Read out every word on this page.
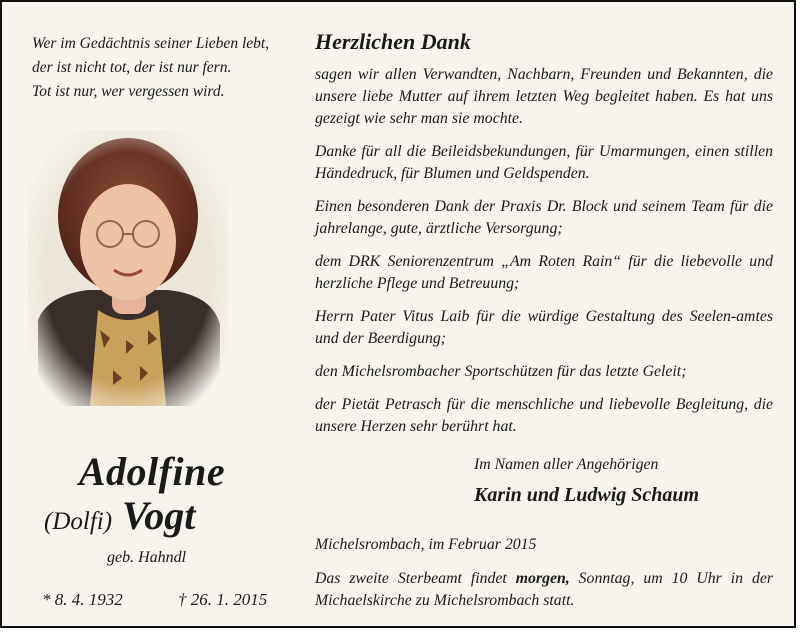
Wer im Gedächtnis seiner Lieben lebt,
der ist nicht tot, der ist nur fern.
Tot ist nur, wer vergessen wird.
Adolfine
(Dolfi) Vogt
geb. Hahndl
* 8. 4. 1932	† 26. 1. 2015
Herzlichen Dank

sagen wir allen Verwandten, Nachbarn, Freunden und Bekannten, die unsere liebe Mutter auf ihrem letzten Weg begleitet haben. Es hat uns gezeigt wie sehr man sie mochte.

Danke für all die Beileidsbekundungen, für Umarmungen, einen stillen Händedruck, für Blumen und Geldspenden.

Einen besonderen Dank der Praxis Dr. Block und seinem Team für die jahrelange, gute, ärztliche Versorgung;

dem DRK Seniorenzentrum „Am Roten Rain“ für die liebevolle und herzliche Pflege und Betreuung;

Herrn Pater Vitus Laib für die würdige Gestaltung des Seelen-amtes und der Beerdigung;

den Michelsrombacher Sportschützen für das letzte Geleit;

der Pietät Petrasch für die menschliche und liebevolle Begleitung, die unsere Herzen sehr berührt hat.

Im Namen aller Angehörigen
Karin und Ludwig Schaum
Michelsrombach, im Februar 2015
Das zweite Sterbeamt findet morgen, Sonntag, um 10 Uhr in der Michaelskirche zu Michelsrombach statt.
